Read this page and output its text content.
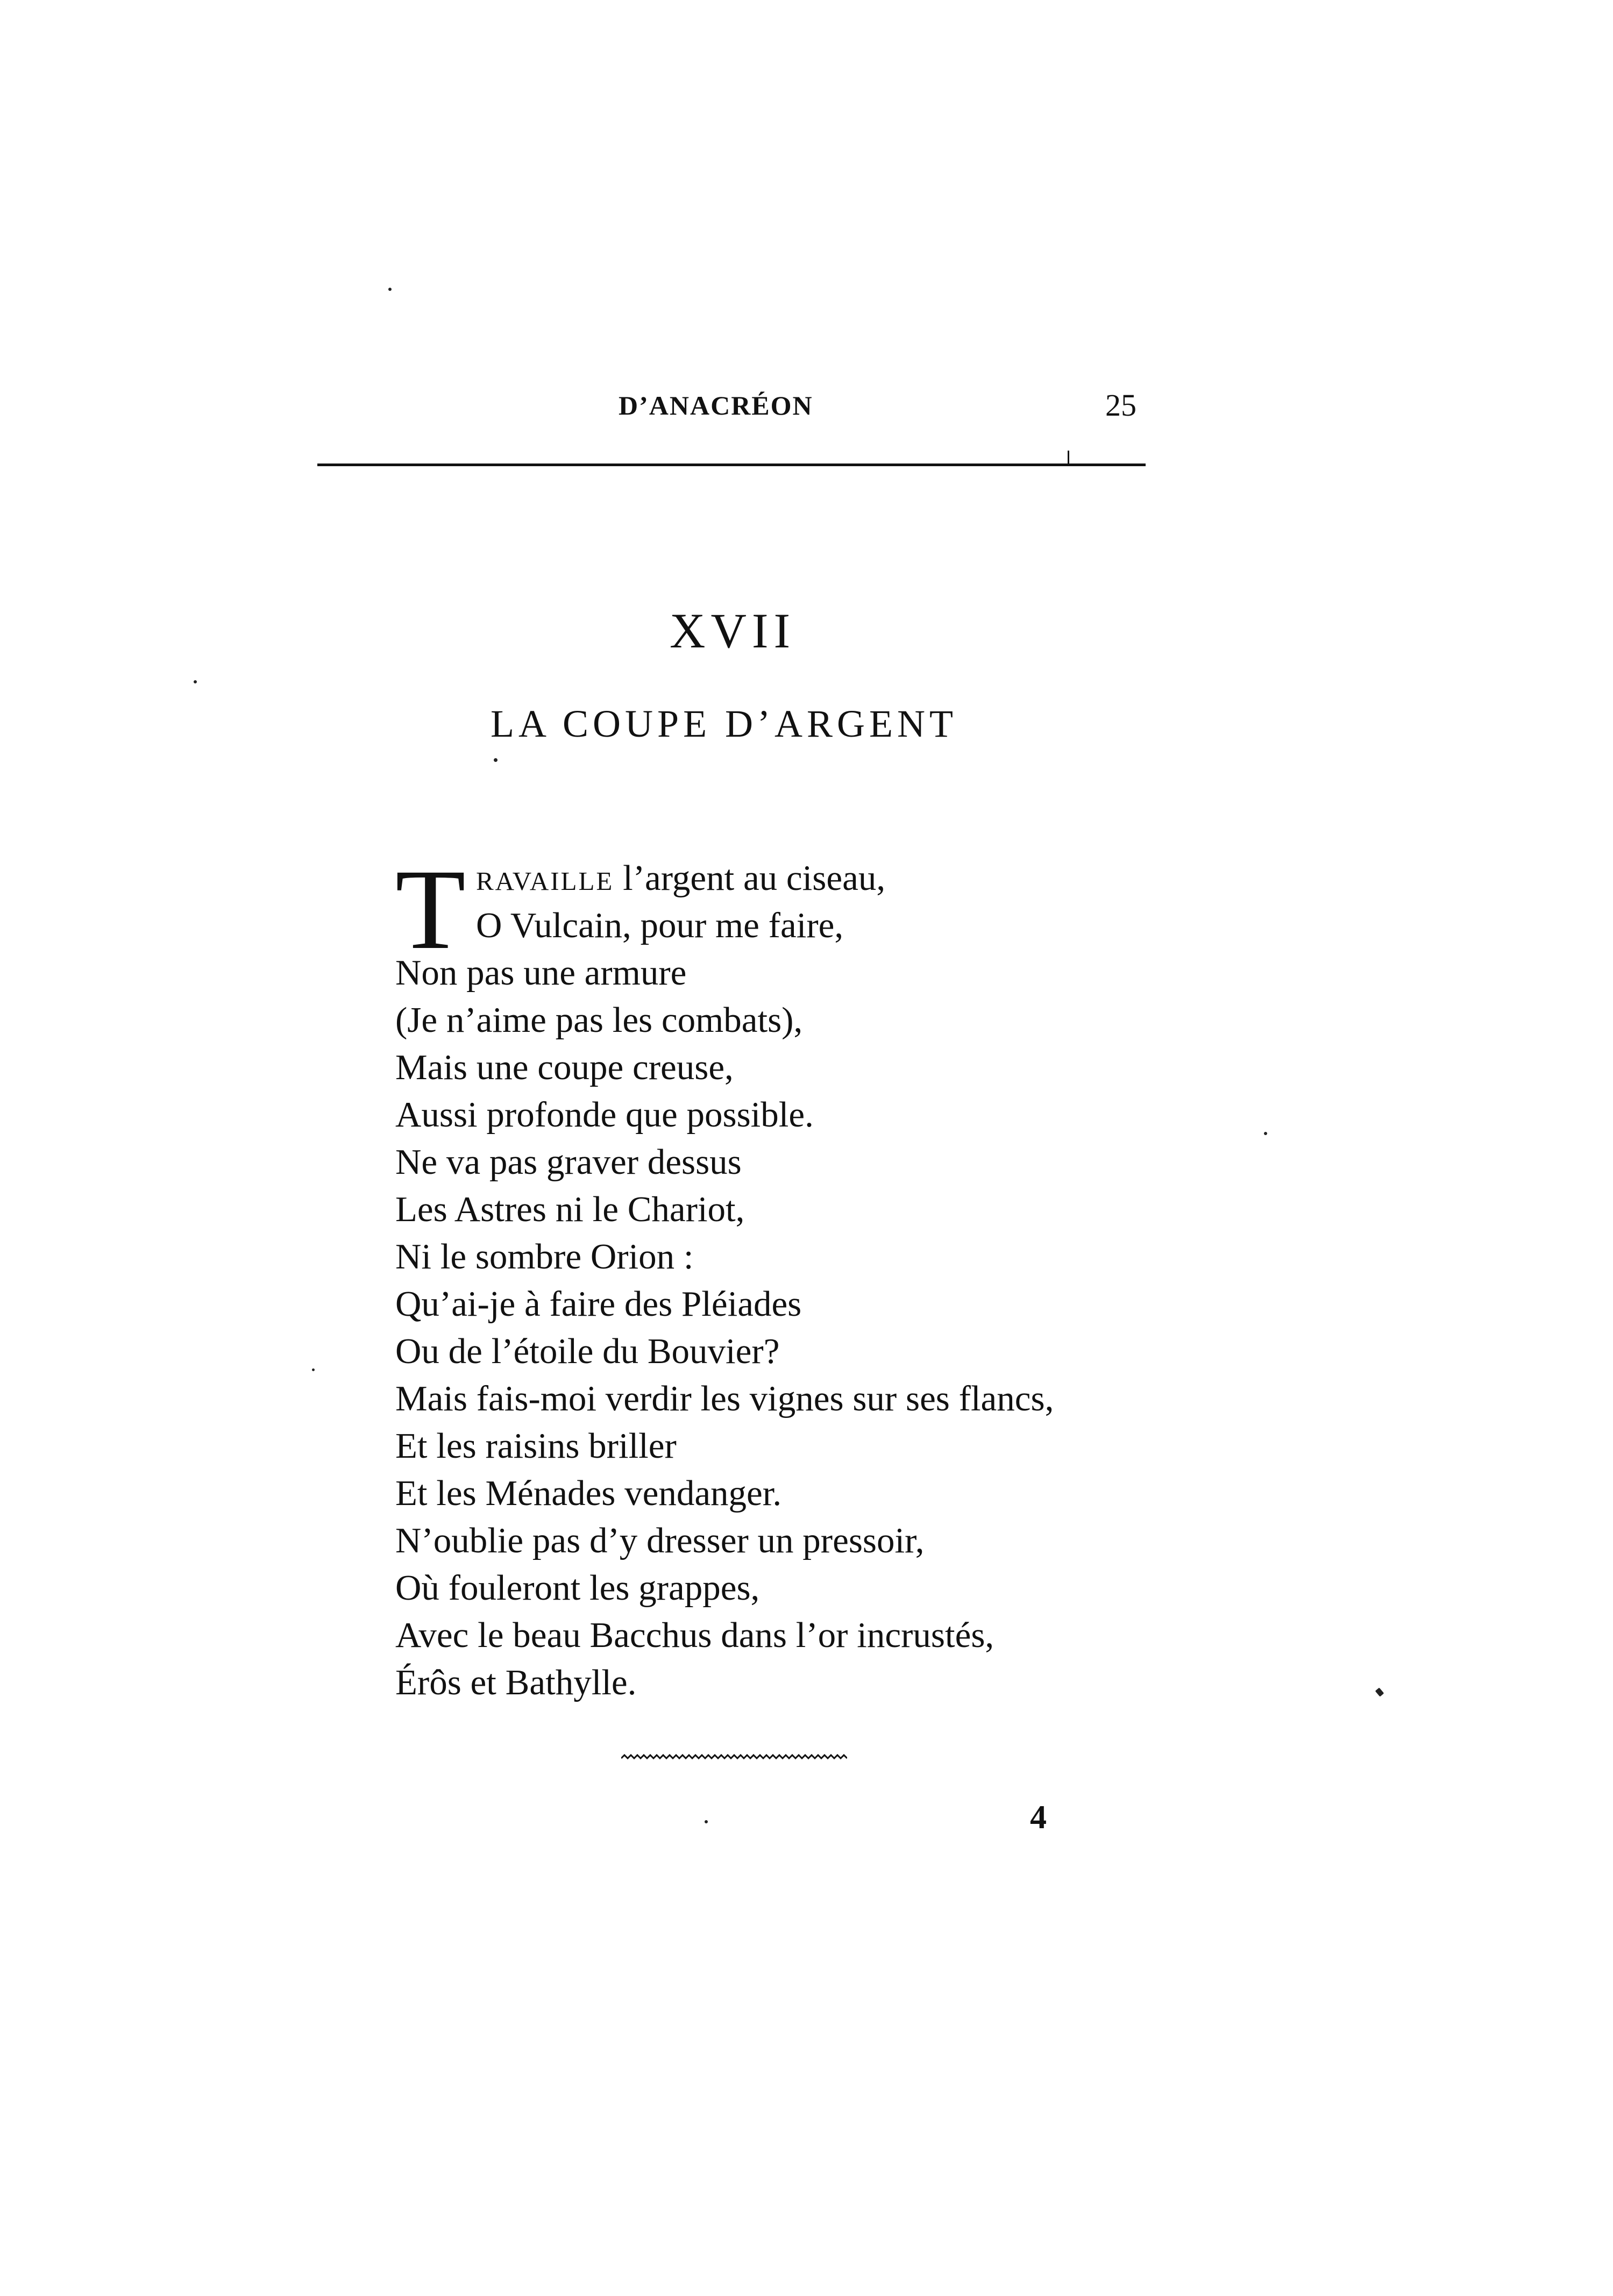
D’ANACRÉON	25
XVII
LA COUPE D’ARGENT
T RAVAILLE l’argent au ciseau,
O Vulcain, pour me faire,
Non pas une armure
(Je n’aime pas les combats),
Mais une coupe creuse,
Aussi profonde que possible.
Ne va pas graver dessus
Les Astres ni le Chariot,
Ni le sombre Orion :
Qu’ai-je à faire des Pléiades
Ou de l’étoile du Bouvier?
Mais fais-moi verdir les vignes sur ses flancs,
Et les raisins briller
Et les Ménades vendanger.
N’oublie pas d’y dresser un pressoir,
Où fouleront les grappes,
Avec le beau Bacchus dans l’or incrustés,
Érôs et Bathylle.
4
